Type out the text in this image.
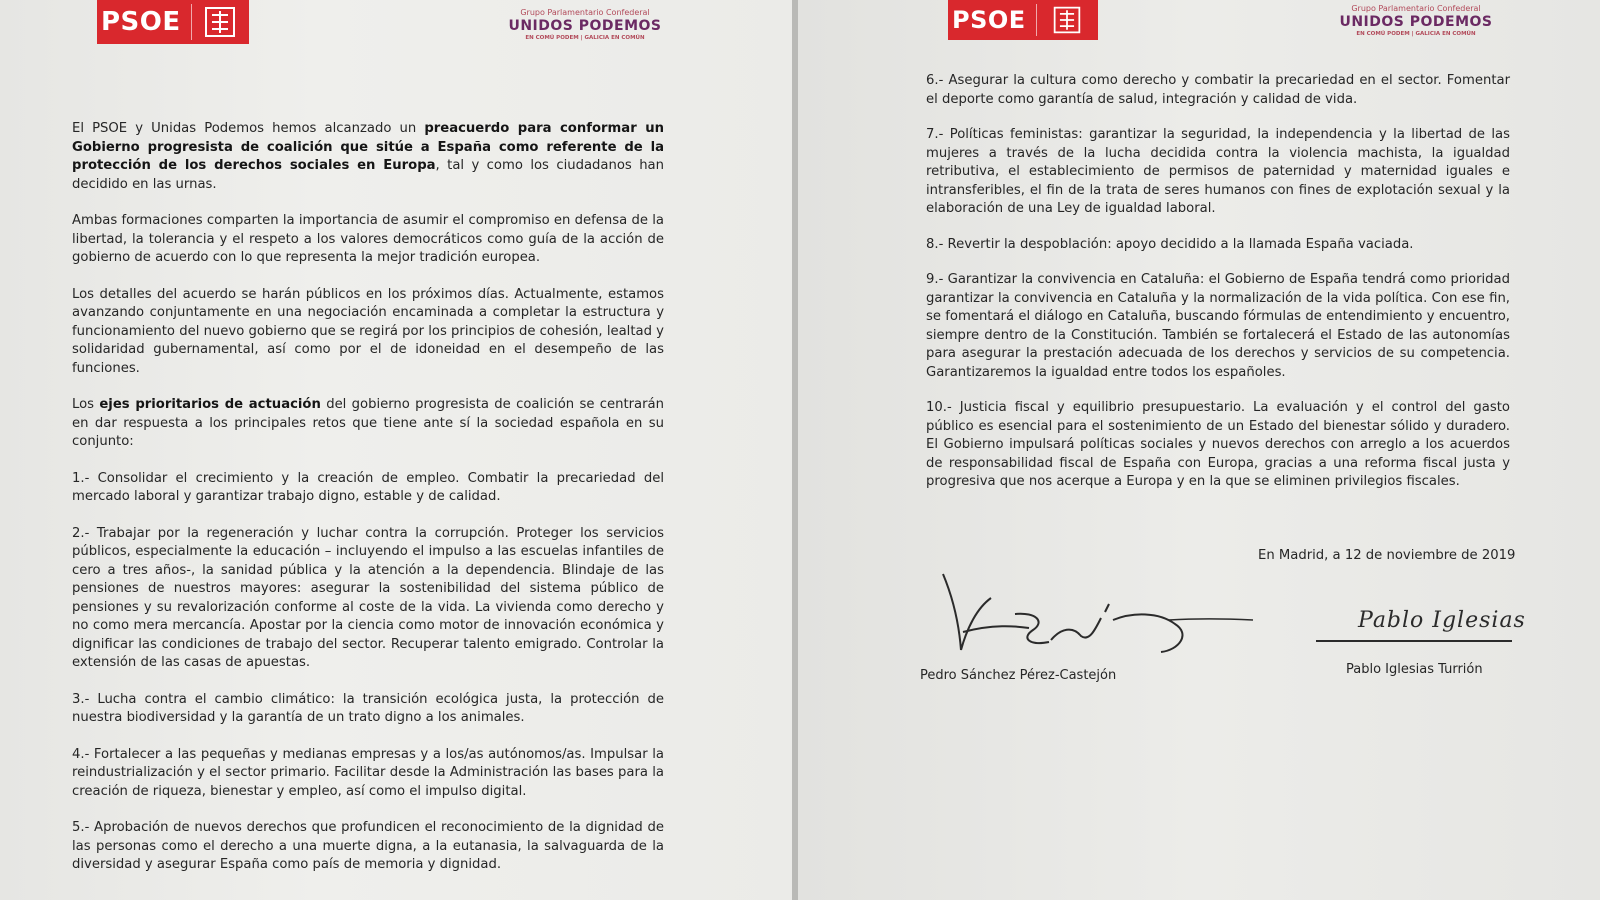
PSOE	Grupo Parlamentario Confederal
UNIDOS PODEMOS
EN COMÚ PODEM | GALICIA EN COMÚN

El PSOE y Unidas Podemos hemos alcanzado un preacuerdo para conformar un Gobierno progresista de coalición que sitúe a España como referente de la protección de los derechos sociales en Europa, tal y como los ciudadanos han decidido en las urnas.

Ambas formaciones comparten la importancia de asumir el compromiso en defensa de la libertad, la tolerancia y el respeto a los valores democráticos como guía de la acción de gobierno de acuerdo con lo que representa la mejor tradición europea.

Los detalles del acuerdo se harán públicos en los próximos días. Actualmente, estamos avanzando conjuntamente en una negociación encaminada a completar la estructura y funcionamiento del nuevo gobierno que se regirá por los principios de cohesión, lealtad y solidaridad gubernamental, así como por el de idoneidad en el desempeño de las funciones.

Los ejes prioritarios de actuación del gobierno progresista de coalición se centrarán en dar respuesta a los principales retos que tiene ante sí la sociedad española en su conjunto:

1.- Consolidar el crecimiento y la creación de empleo. Combatir la precariedad del mercado laboral y garantizar trabajo digno, estable y de calidad.

2.- Trabajar por la regeneración y luchar contra la corrupción. Proteger los servicios públicos, especialmente la educación – incluyendo el impulso a las escuelas infantiles de cero a tres años-, la sanidad pública y la atención a la dependencia. Blindaje de las pensiones de nuestros mayores: asegurar la sostenibilidad del sistema público de pensiones y su revalorización conforme al coste de la vida. La vivienda como derecho y no como mera mercancía. Apostar por la ciencia como motor de innovación económica y dignificar las condiciones de trabajo del sector. Recuperar talento emigrado. Controlar la extensión de las casas de apuestas.

3.- Lucha contra el cambio climático: la transición ecológica justa, la protección de nuestra biodiversidad y la garantía de un trato digno a los animales.

4.- Fortalecer a las pequeñas y medianas empresas y a los/as autónomos/as. Impulsar la reindustrialización y el sector primario. Facilitar desde la Administración las bases para la creación de riqueza, bienestar y empleo, así como el impulso digital.

5.- Aprobación de nuevos derechos que profundicen el reconocimiento de la dignidad de las personas como el derecho a una muerte digna, a la eutanasia, la salvaguarda de la diversidad y asegurar España como país de memoria y dignidad.

PSOE	Grupo Parlamentario Confederal
UNIDOS PODEMOS
EN COMÚ PODEM | GALICIA EN COMÚN

6.- Asegurar la cultura como derecho y combatir la precariedad en el sector. Fomentar el deporte como garantía de salud, integración y calidad de vida.

7.- Políticas feministas: garantizar la seguridad, la independencia y la libertad de las mujeres a través de la lucha decidida contra la violencia machista, la igualdad retributiva, el establecimiento de permisos de paternidad y maternidad iguales e intransferibles, el fin de la trata de seres humanos con fines de explotación sexual y la elaboración de una Ley de igualdad laboral.

8.- Revertir la despoblación: apoyo decidido a la llamada España vaciada.

9.- Garantizar la convivencia en Cataluña: el Gobierno de España tendrá como prioridad garantizar la convivencia en Cataluña y la normalización de la vida política. Con ese fin, se fomentará el diálogo en Cataluña, buscando fórmulas de entendimiento y encuentro, siempre dentro de la Constitución. También se fortalecerá el Estado de las autonomías para asegurar la prestación adecuada de los derechos y servicios de su competencia. Garantizaremos la igualdad entre todos los españoles.

10.- Justicia fiscal y equilibrio presupuestario. La evaluación y el control del gasto público es esencial para el sostenimiento de un Estado del bienestar sólido y duradero. El Gobierno impulsará políticas sociales y nuevos derechos con arreglo a los acuerdos de responsabilidad fiscal de España con Europa, gracias a una reforma fiscal justa y progresiva que nos acerque a Europa y en la que se eliminen privilegios fiscales.

En Madrid, a 12 de noviembre de 2019
Pedro Sánchez Pérez-Castejón
Pablo Iglesias
Pablo Iglesias Turrión
